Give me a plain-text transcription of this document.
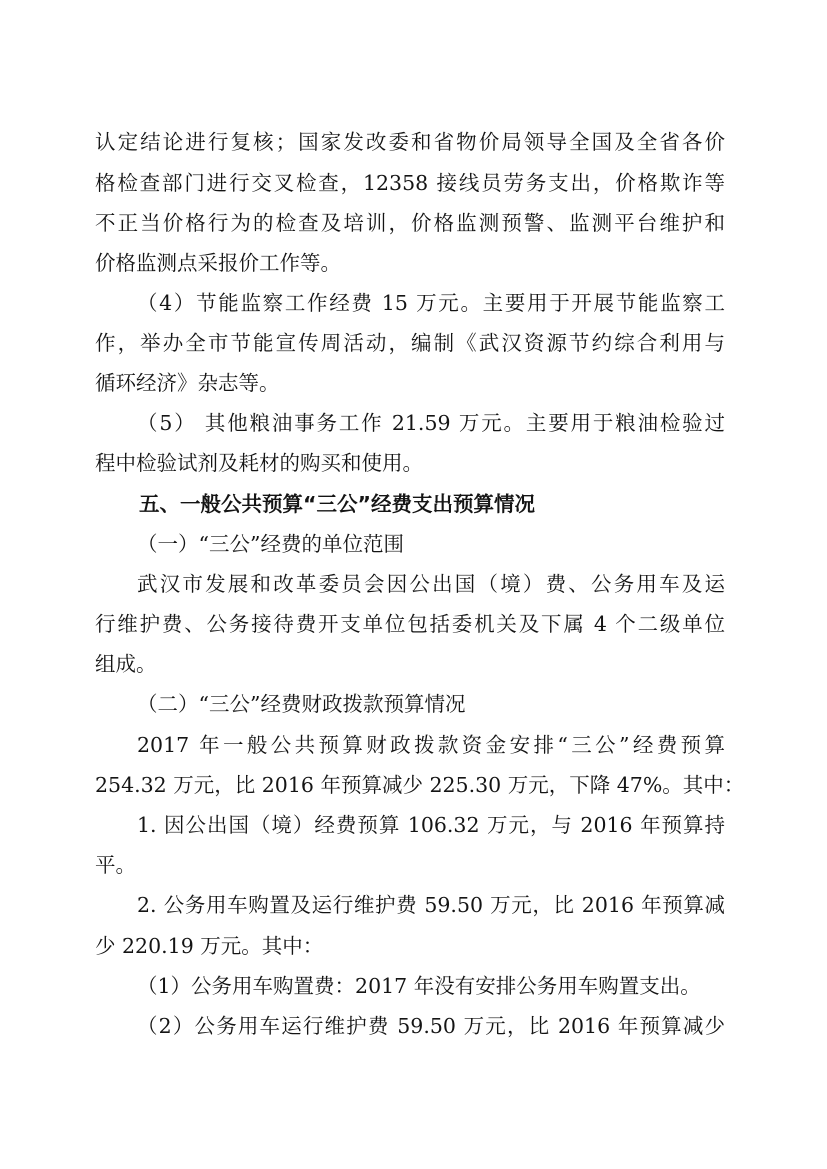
认定结论进行复核；国家发改委和省物价局领导全国及全省各价
格检查部门进行交叉检查，12358 接线员劳务支出，价格欺诈等
不正当价格行为的检查及培训，价格监测预警、监测平台维护和
价格监测点采报价工作等。
（4）节能监察工作经费 15 万元。主要用于开展节能监察工
作，举办全市节能宣传周活动，编制《武汉资源节约综合利用与
循环经济》杂志等。
（5） 其他粮油事务工作 21.59 万元。主要用于粮油检验过
程中检验试剂及耗材的购买和使用。
五、一般公共预算“三公”经费支出预算情况
（一）“三公”经费的单位范围
武汉市发展和改革委员会因公出国（境）费、公务用车及运
行维护费、公务接待费开支单位包括委机关及下属 4 个二级单位
组成。
（二）“三公”经费财政拨款预算情况
2017 年一般公共预算财政拨款资金安排“三公”经费预算
254.32 万元，比 2016 年预算减少 225.30 万元，下降 47%。其中：
1. 因公出国（境）经费预算 106.32 万元，与 2016 年预算持
平。
2. 公务用车购置及运行维护费 59.50 万元，比 2016 年预算减
少 220.19 万元。其中：
（1）公务用车购置费：2017 年没有安排公务用车购置支出。
（2）公务用车运行维护费 59.50 万元，比 2016 年预算减少
